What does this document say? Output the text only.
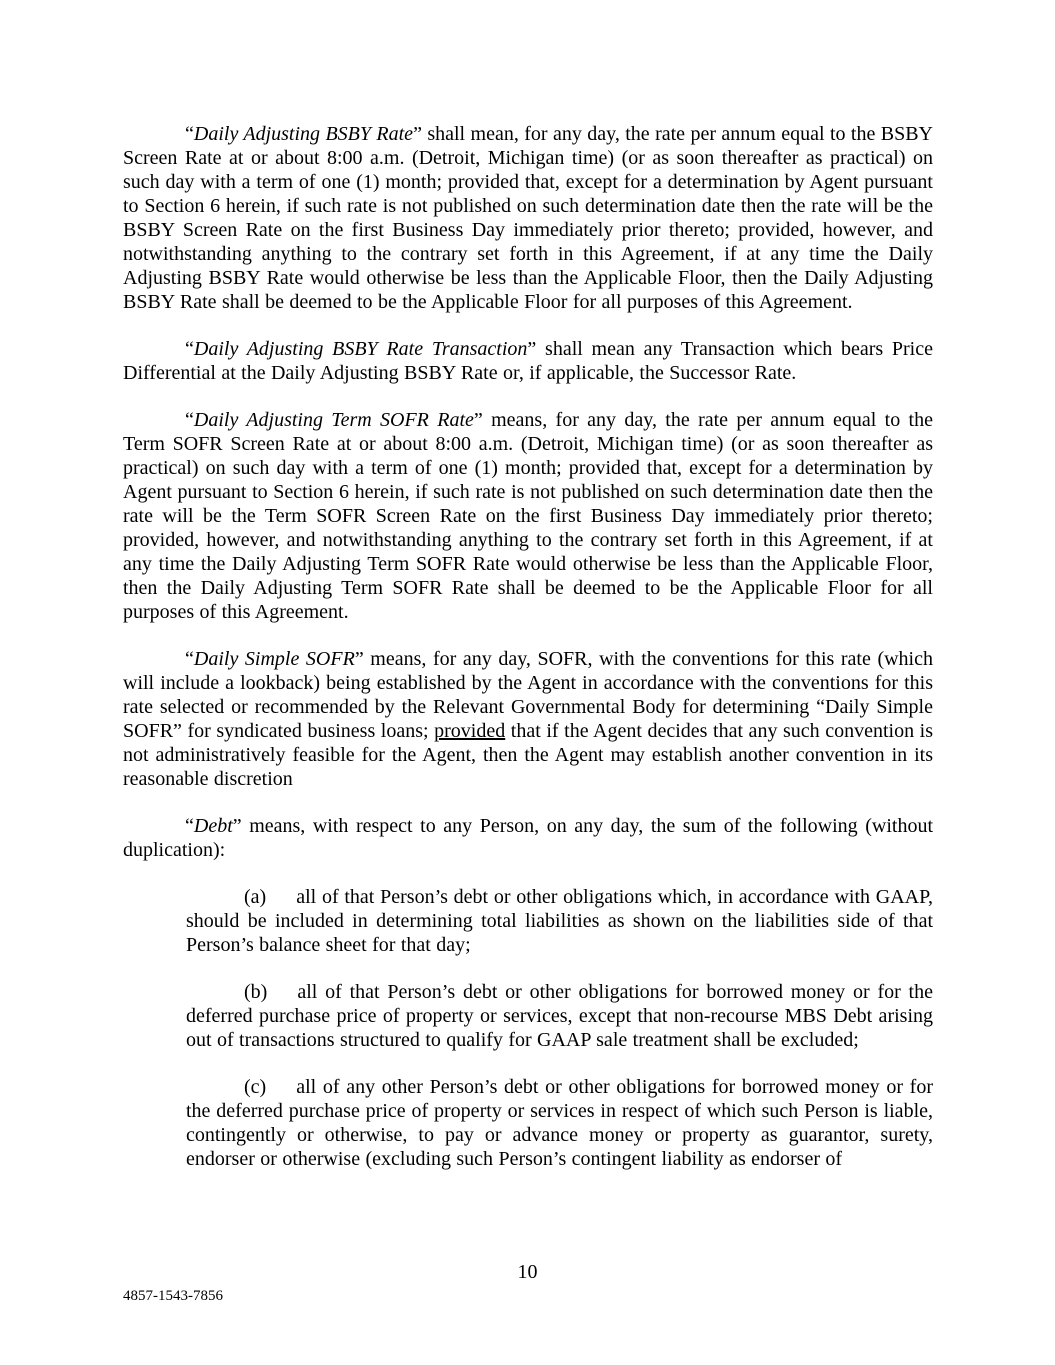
“Daily Adjusting BSBY Rate” shall mean, for any day, the rate per annum equal to the BSBY Screen Rate at or about 8:00 a.m. (Detroit, Michigan time) (or as soon thereafter as practical) on such day with a term of one (1) month; provided that, except for a determination by Agent pursuant to Section 6 herein, if such rate is not published on such determination date then the rate will be the BSBY Screen Rate on the first Business Day immediately prior thereto; provided, however, and notwithstanding anything to the contrary set forth in this Agreement, if at any time the Daily Adjusting BSBY Rate would otherwise be less than the Applicable Floor, then the Daily Adjusting BSBY Rate shall be deemed to be the Applicable Floor for all purposes of this Agreement.

“Daily Adjusting BSBY Rate Transaction” shall mean any Transaction which bears Price Differential at the Daily Adjusting BSBY Rate or, if applicable, the Successor Rate.

“Daily Adjusting Term SOFR Rate” means, for any day, the rate per annum equal to the Term SOFR Screen Rate at or about 8:00 a.m. (Detroit, Michigan time) (or as soon thereafter as practical) on such day with a term of one (1) month; provided that, except for a determination by Agent pursuant to Section 6 herein, if such rate is not published on such determination date then the rate will be the Term SOFR Screen Rate on the first Business Day immediately prior thereto; provided, however, and notwithstanding anything to the contrary set forth in this Agreement, if at any time the Daily Adjusting Term SOFR Rate would otherwise be less than the Applicable Floor, then the Daily Adjusting Term SOFR Rate shall be deemed to be the Applicable Floor for all purposes of this Agreement.

“Daily Simple SOFR” means, for any day, SOFR, with the conventions for this rate (which will include a lookback) being established by the Agent in accordance with the conventions for this rate selected or recommended by the Relevant Governmental Body for determining “Daily Simple SOFR” for syndicated business loans; provided that if the Agent decides that any such convention is not administratively feasible for the Agent, then the Agent may establish another convention in its reasonable discretion

“Debt” means, with respect to any Person, on any day, the sum of the following (without duplication):

(a) all of that Person’s debt or other obligations which, in accordance with GAAP, should be included in determining total liabilities as shown on the liabilities side of that Person’s balance sheet for that day;

(b) all of that Person’s debt or other obligations for borrowed money or for the deferred purchase price of property or services, except that non-recourse MBS Debt arising out of transactions structured to qualify for GAAP sale treatment shall be excluded;

(c) all of any other Person’s debt or other obligations for borrowed money or for the deferred purchase price of property or services in respect of which such Person is liable, contingently or otherwise, to pay or advance money or property as guarantor, surety, endorser or otherwise (excluding such Person’s contingent liability as endorser of

10
4857-1543-7856
